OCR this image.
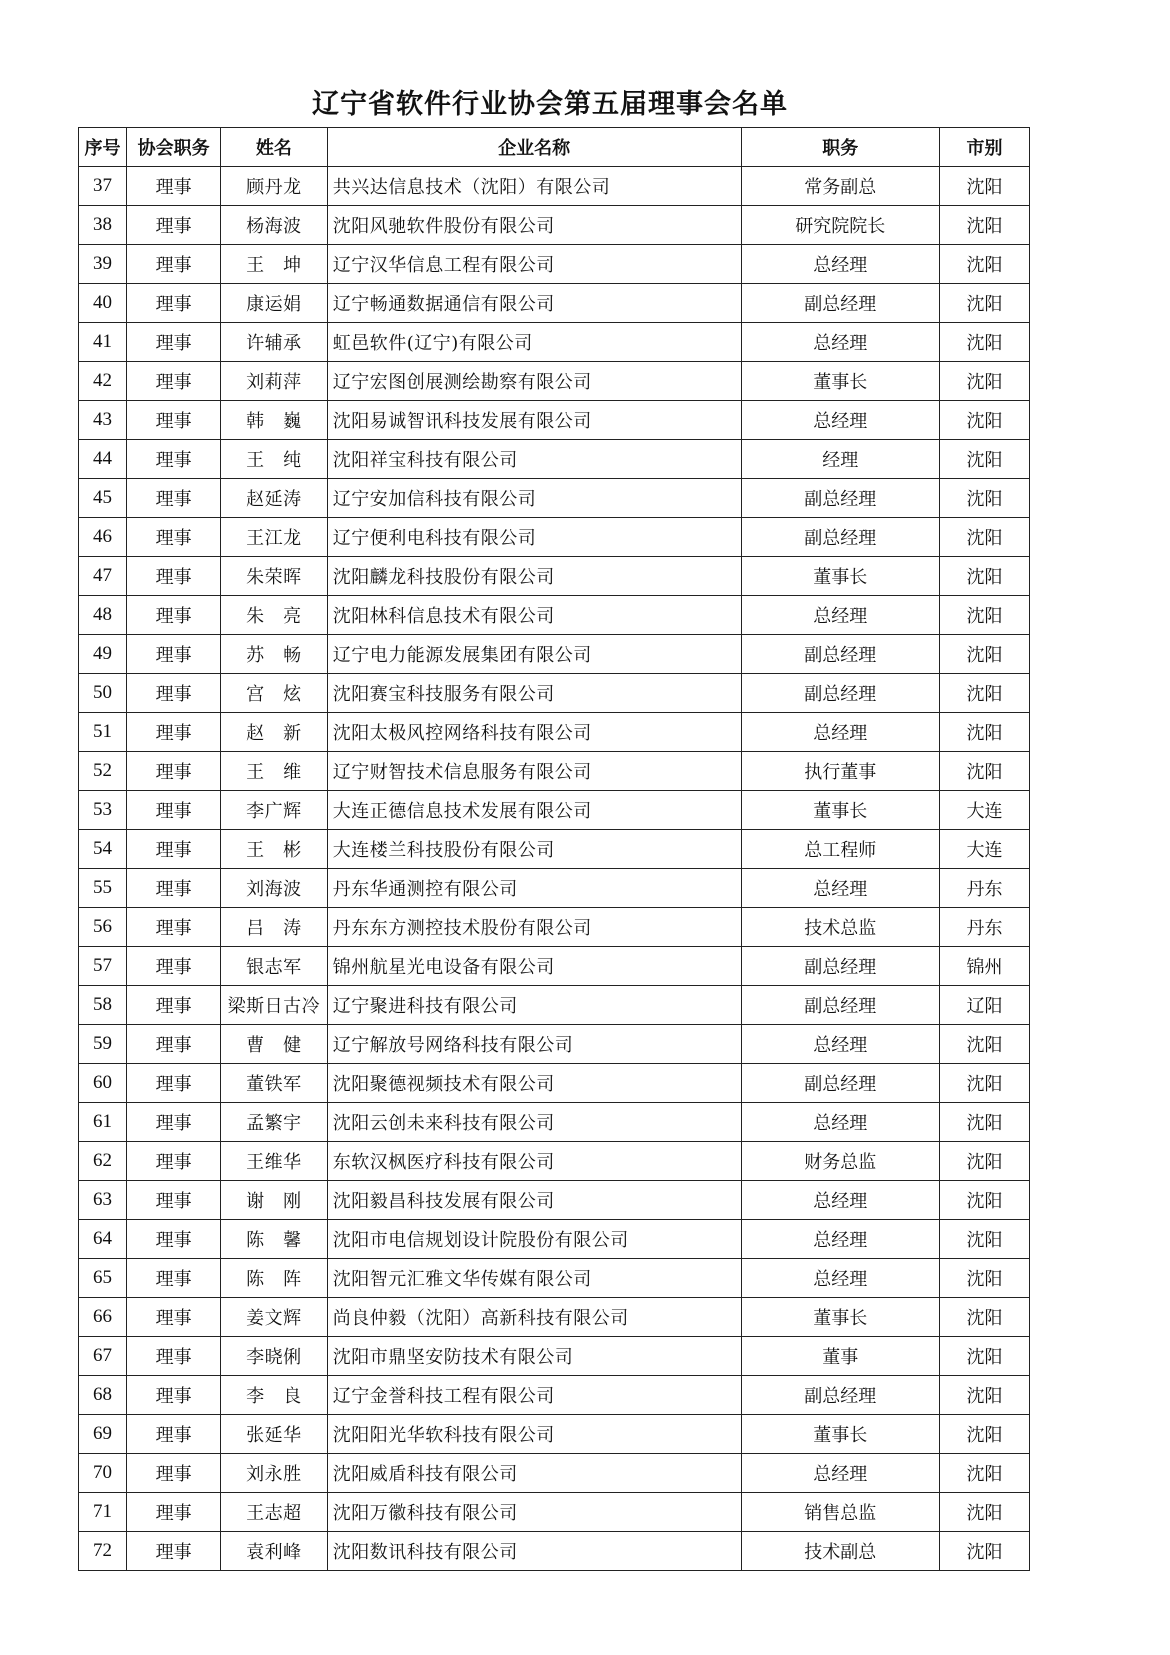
辽宁省软件行业协会第五届理事会名单
序号	协会职务	姓名	企业名称	职务	市别
37	理事	顾丹龙	共兴达信息技术（沈阳）有限公司	常务副总	沈阳
38	理事	杨海波	沈阳风驰软件股份有限公司	研究院院长	沈阳
39	理事	王　坤	辽宁汉华信息工程有限公司	总经理	沈阳
40	理事	康运娟	辽宁畅通数据通信有限公司	副总经理	沈阳
41	理事	许辅承	虹邑软件(辽宁)有限公司	总经理	沈阳
42	理事	刘莉萍	辽宁宏图创展测绘勘察有限公司	董事长	沈阳
43	理事	韩　巍	沈阳易诚智讯科技发展有限公司	总经理	沈阳
44	理事	王　纯	沈阳祥宝科技有限公司	经理	沈阳
45	理事	赵延涛	辽宁安加信科技有限公司	副总经理	沈阳
46	理事	王江龙	辽宁便利电科技有限公司	副总经理	沈阳
47	理事	朱荣晖	沈阳麟龙科技股份有限公司	董事长	沈阳
48	理事	朱　亮	沈阳林科信息技术有限公司	总经理	沈阳
49	理事	苏　畅	辽宁电力能源发展集团有限公司	副总经理	沈阳
50	理事	宫　炫	沈阳赛宝科技服务有限公司	副总经理	沈阳
51	理事	赵　新	沈阳太极风控网络科技有限公司	总经理	沈阳
52	理事	王　维	辽宁财智技术信息服务有限公司	执行董事	沈阳
53	理事	李广辉	大连正德信息技术发展有限公司	董事长	大连
54	理事	王　彬	大连楼兰科技股份有限公司	总工程师	大连
55	理事	刘海波	丹东华通测控有限公司	总经理	丹东
56	理事	吕　涛	丹东东方测控技术股份有限公司	技术总监	丹东
57	理事	银志军	锦州航星光电设备有限公司	副总经理	锦州
58	理事	梁斯日古冷	辽宁聚进科技有限公司	副总经理	辽阳
59	理事	曹　健	辽宁解放号网络科技有限公司	总经理	沈阳
60	理事	董铁军	沈阳聚德视频技术有限公司	副总经理	沈阳
61	理事	孟繁宇	沈阳云创未来科技有限公司	总经理	沈阳
62	理事	王维华	东软汉枫医疗科技有限公司	财务总监	沈阳
63	理事	谢　刚	沈阳毅昌科技发展有限公司	总经理	沈阳
64	理事	陈　馨	沈阳市电信规划设计院股份有限公司	总经理	沈阳
65	理事	陈　阵	沈阳智元汇雅文华传媒有限公司	总经理	沈阳
66	理事	姜文辉	尚良仲毅（沈阳）高新科技有限公司	董事长	沈阳
67	理事	李晓俐	沈阳市鼎坚安防技术有限公司	董事	沈阳
68	理事	李　良	辽宁金誉科技工程有限公司	副总经理	沈阳
69	理事	张延华	沈阳阳光华软科技有限公司	董事长	沈阳
70	理事	刘永胜	沈阳威盾科技有限公司	总经理	沈阳
71	理事	王志超	沈阳万徽科技有限公司	销售总监	沈阳
72	理事	袁利峰	沈阳数讯科技有限公司	技术副总	沈阳
